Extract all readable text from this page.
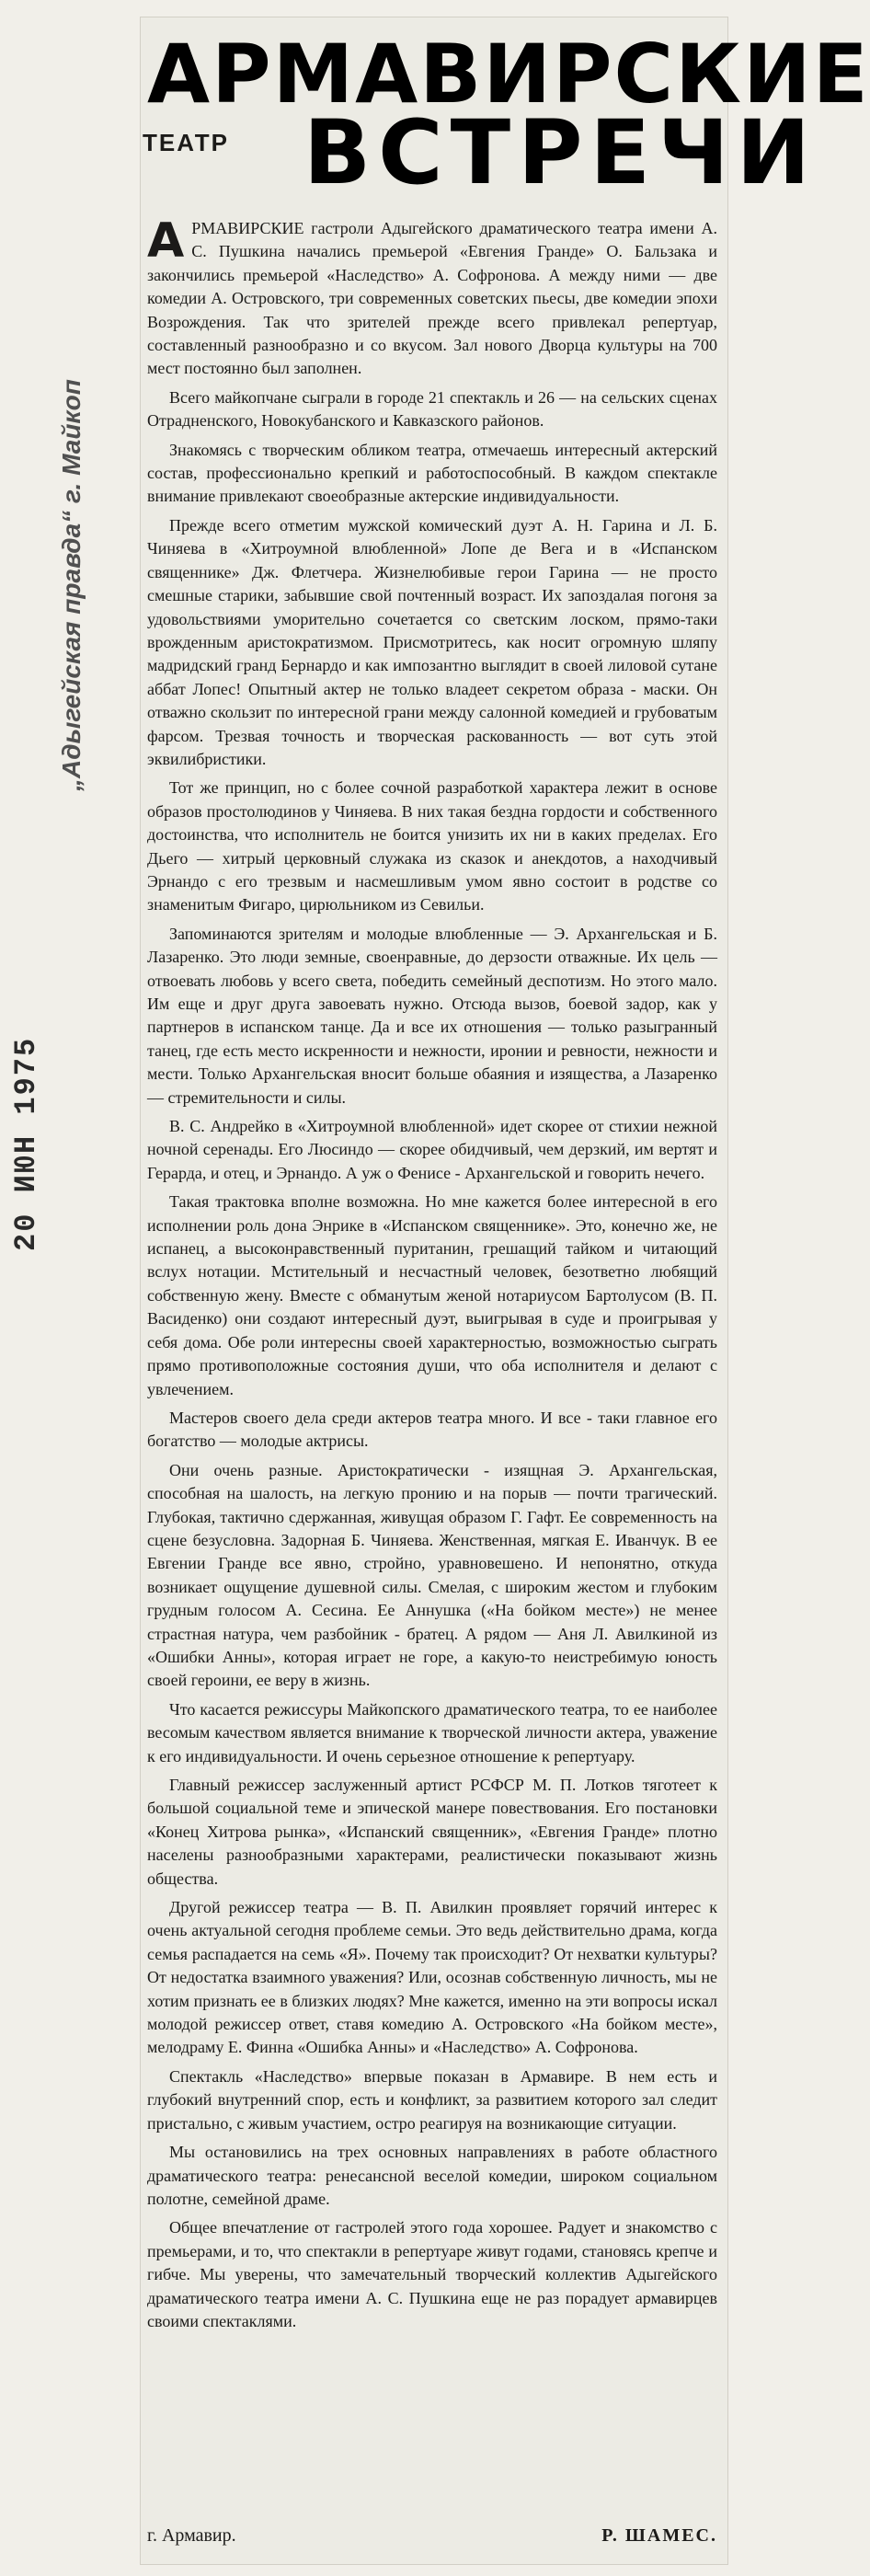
20 ИЮН 1975
„Адыгейская правда“ г. Майкоп
АРМАВИРСКИЕ
ТЕАТР ВСТРЕЧИ

АРМАВИРСКИЕ гастроли Адыгейского драматического театра имени А. С. Пушкина начались премьерой «Евгения Гранде» О. Бальзака и закончились премьерой «Наследство» А. Софронова. А между ними — две комедии А. Островского, три современных советских пьесы, две комедии эпохи Возрождения. Так что зрителей прежде всего привлекал репертуар, составленный разнообразно и со вкусом. Зал нового Дворца культуры на 700 мест постоянно был заполнен.

Всего майкопчане сыграли в городе 21 спектакль и 26 — на сельских сценах Отрадненского, Новокубанского и Кавказского районов.

Знакомясь с творческим обликом театра, отмечаешь интересный актерский состав, профессионально крепкий и работоспособный. В каждом спектакле внимание привлекают своеобразные актерские индивидуальности.

Прежде всего отметим мужской комический дуэт А. Н. Гарина и Л. Б. Чиняева в «Хитроумной влюбленной» Лопе де Вега и в «Испанском священнике» Дж. Флетчера. Жизнелюбивые герои Гарина — не просто смешные старики, забывшие свой почтенный возраст. Их запоздалая погоня за удовольствиями уморительно сочетается со светским лоском, прямо-таки врожденным аристократизмом. Присмотритесь, как носит огромную шляпу мадридский гранд Бернардо и как импозантно выглядит в своей лиловой сутане аббат Лопес! Опытный актер не только владеет секретом образа - маски. Он отважно скользит по интересной грани между салонной комедией и грубоватым фарсом. Трезвая точность и творческая раскованность — вот суть этой эквилибристики.

Тот же принцип, но с более сочной разработкой характера лежит в основе образов простолюдинов у Чиняева. В них такая бездна гордости и собственного достоинства, что исполнитель не боится унизить их ни в каких пределах. Его Дьего — хитрый церковный служака из сказок и анекдотов, а находчивый Эрнандо с его трезвым и насмешливым умом явно состоит в родстве со знаменитым Фигаро, цирюльником из Севильи.

Запоминаются зрителям и молодые влюбленные — Э. Архангельская и Б. Лазаренко. Это люди земные, своенравные, до дерзости отважные. Их цель — отвоевать любовь у всего света, победить семейный деспотизм. Но этого мало. Им еще и друг друга завоевать нужно. Отсюда вызов, боевой задор, как у партнеров в испанском танце. Да и все их отношения — только разыгранный танец, где есть место искренности и нежности, иронии и ревности, нежности и мести. Только Архангельская вносит больше обаяния и изящества, а Лазаренко — стремительности и силы.

В. С. Андрейко в «Хитроумной влюбленной» идет скорее от стихии нежной ночной серенады. Его Люсиндо — скорее обидчивый, чем дерзкий, им вертят и Герарда, и отец, и Эрнандо. А уж о Фенисе - Архангельской и говорить нечего.

Такая трактовка вполне возможна. Но мне кажется более интересной в его исполнении роль дона Энрике в «Испанском священнике». Это, конечно же, не испанец, а высоконравственный пуританин, грешащий тайком и читающий вслух нотации. Мстительный и несчастный человек, безответно любящий собственную жену. Вместе с обманутым женой нотариусом Бартолусом (В. П. Васиденко) они создают интересный дуэт, выигрывая в суде и проигрывая у себя дома. Обе роли интересны своей характерностью, возможностью сыграть прямо противоположные состояния души, что оба исполнителя и делают с увлечением.

Мастеров своего дела среди актеров театра много. И все - таки главное его богатство — молодые актрисы.

Они очень разные. Аристократически - изящная Э. Архангельская, способная на шалость, на легкую пронию и на порыв — почти трагический. Глубокая, тактично сдержанная, живущая образом Г. Гафт. Ее современность на сцене безусловна. Задорная Б. Чиняева. Женственная, мягкая Е. Иванчук. В ее Евгении Гранде все явно, стройно, уравновешено. И непонятно, откуда возникает ощущение душевной силы. Смелая, с широким жестом и глубоким грудным голосом А. Сесина. Ее Аннушка («На бойком месте») не менее страстная натура, чем разбойник - братец. А рядом — Аня Л. Авилкиной из «Ошибки Анны», которая играет не горе, а какую-то неистребимую юность своей героини, ее веру в жизнь.

Что касается режиссуры Майкопского драматического театра, то ее наиболее весомым качеством является внимание к творческой личности актера, уважение к его индивидуальности. И очень серьезное отношение к репертуару.

Главный режиссер заслуженный артист РСФСР М. П. Лотков тяготеет к большой социальной теме и эпической манере повествования. Его постановки «Конец Хитрова рынка», «Испанский священник», «Евгения Гранде» плотно населены разнообразными характерами, реалистически показывают жизнь общества.

Другой режиссер театра — В. П. Авилкин проявляет горячий интерес к очень актуальной сегодня проблеме семьи. Это ведь действительно драма, когда семья распадается на семь «Я». Почему так происходит? От нехватки культуры? От недостатка взаимного уважения? Или, осознав собственную личность, мы не хотим признать ее в близких людях? Мне кажется, именно на эти вопросы искал молодой режиссер ответ, ставя комедию А. Островского «На бойком месте», мелодраму Е. Финна «Ошибка Анны» и «Наследство» А. Софронова.

Спектакль «Наследство» впервые показан в Армавире. В нем есть и глубокий внутренний спор, есть и конфликт, за развитием которого зал следит пристально, с живым участием, остро реагируя на возникающие ситуации.

Мы остановились на трех основных направлениях в работе областного драматического театра: ренесансной веселой комедии, широком социальном полотне, семейной драме.

Общее впечатление от гастролей этого года хорошее. Радует и знакомство с премьерами, и то, что спектакли в репертуаре живут годами, становясь крепче и гибче. Мы уверены, что замечательный творческий коллектив Адыгейского драматического театра имени А. С. Пушкина еще не раз порадует армавирцев своими спектаклями.

г. Армавир.	Р. ШАМЕС.
